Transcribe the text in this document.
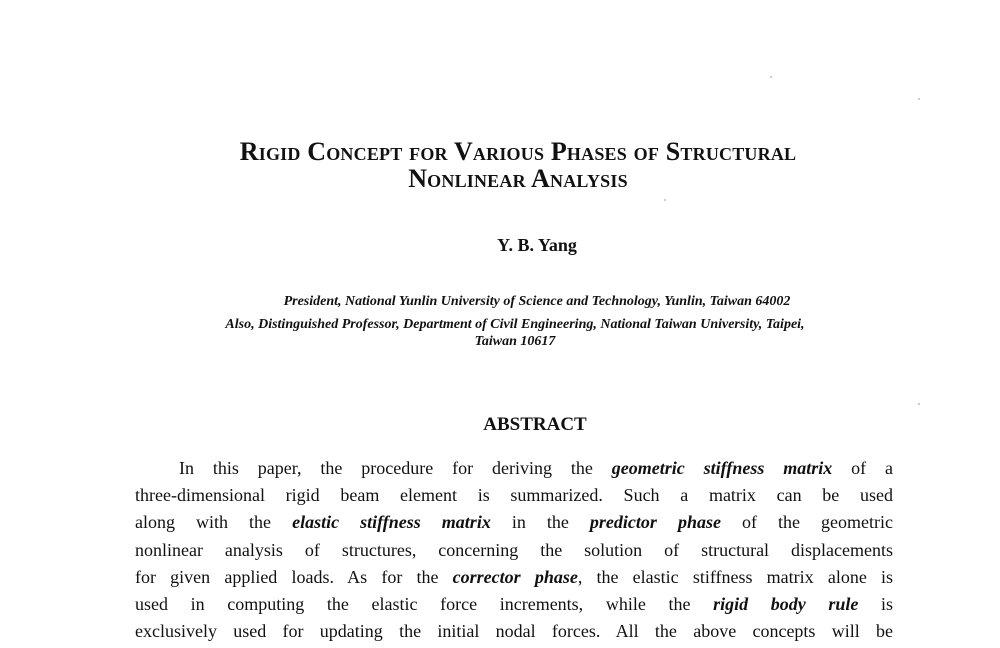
Rigid Concept for Various Phases of Structural
Nonlinear Analysis
Y. B. Yang
President, National Yunlin University of Science and Technology, Yunlin, Taiwan 64002
Also, Distinguished Professor, Department of Civil Engineering, National Taiwan University, Taipei,
Taiwan 10617
ABSTRACT
In this paper, the procedure for deriving the geometric stiffness matrix of a
three-dimensional rigid beam element is summarized. Such a matrix can be used
along with the elastic stiffness matrix in the predictor phase of the geometric
nonlinear analysis of structures, concerning the solution of structural displacements
for given applied loads. As for the corrector phase, the elastic stiffness matrix alone is
used in computing the elastic force increments, while the rigid body rule is
exclusively used for updating the initial nodal forces. All the above concepts will be
